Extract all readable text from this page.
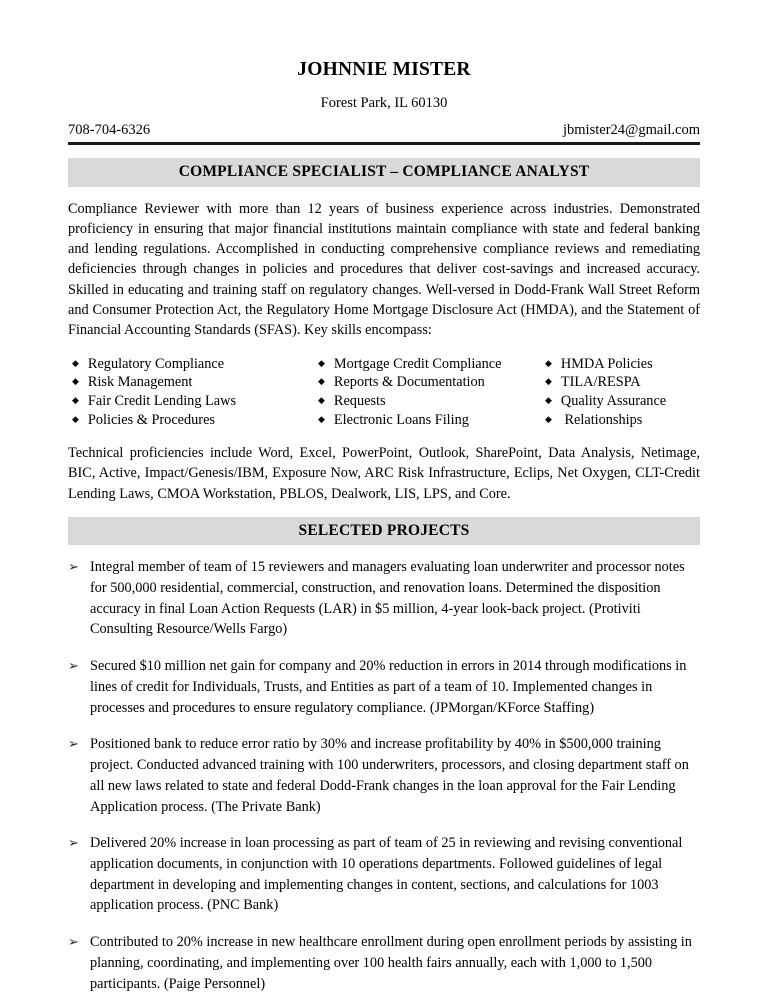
JOHNNIE MISTER
Forest Park, IL 60130
708-704-6326	jbmister24@gmail.com
COMPLIANCE SPECIALIST – COMPLIANCE ANALYST

Compliance Reviewer with more than 12 years of business experience across industries. Demonstrated proficiency in ensuring that major financial institutions maintain compliance with state and federal banking and lending regulations. Accomplished in conducting comprehensive compliance reviews and remediating deficiencies through changes in policies and procedures that deliver cost-savings and increased accuracy. Skilled in educating and training staff on regulatory changes. Well-versed in Dodd-Frank Wall Street Reform and Consumer Protection Act, the Regulatory Home Mortgage Disclosure Act (HMDA), and the Statement of Financial Accounting Standards (SFAS). Key skills encompass:

◆ Regulatory Compliance
◆ Risk Management
◆ Fair Credit Lending Laws
◆ Policies & Procedures
◆ Mortgage Credit Compliance
◆ Reports & Documentation
◆ Requests
◆ Electronic Loans Filing
◆ HMDA Policies
◆ TILA/RESPA
◆ Quality Assurance
◆ Relationships

Technical proficiencies include Word, Excel, PowerPoint, Outlook, SharePoint, Data Analysis, Netimage, BIC, Active, Impact/Genesis/IBM, Exposure Now, ARC Risk Infrastructure, Eclips, Net Oxygen, CLT-Credit Lending Laws, CMOA Workstation, PBLOS, Dealwork, LIS, LPS, and Core.

SELECTED PROJECTS
➢ Integral member of team of 15 reviewers and managers evaluating loan underwriter and processor notes for 500,000 residential, commercial, construction, and renovation loans. Determined the disposition accuracy in final Loan Action Requests (LAR) in $5 million, 4-year look-back project. (Protiviti Consulting Resource/Wells Fargo)
➢ Secured $10 million net gain for company and 20% reduction in errors in 2014 through modifications in lines of credit for Individuals, Trusts, and Entities as part of a team of 10. Implemented changes in processes and procedures to ensure regulatory compliance. (JPMorgan/KForce Staffing)
➢ Positioned bank to reduce error ratio by 30% and increase profitability by 40% in $500,000 training project. Conducted advanced training with 100 underwriters, processors, and closing department staff on all new laws related to state and federal Dodd-Frank changes in the loan approval for the Fair Lending Application process. (The Private Bank)
➢ Delivered 20% increase in loan processing as part of team of 25 in reviewing and revising conventional application documents, in conjunction with 10 operations departments. Followed guidelines of legal department in developing and implementing changes in content, sections, and calculations for 1003 application process. (PNC Bank)
➢ Contributed to 20% increase in new healthcare enrollment during open enrollment periods by assisting in planning, coordinating, and implementing over 100 health fairs annually, each with 1,000 to 1,500 participants. (Paige Personnel)
